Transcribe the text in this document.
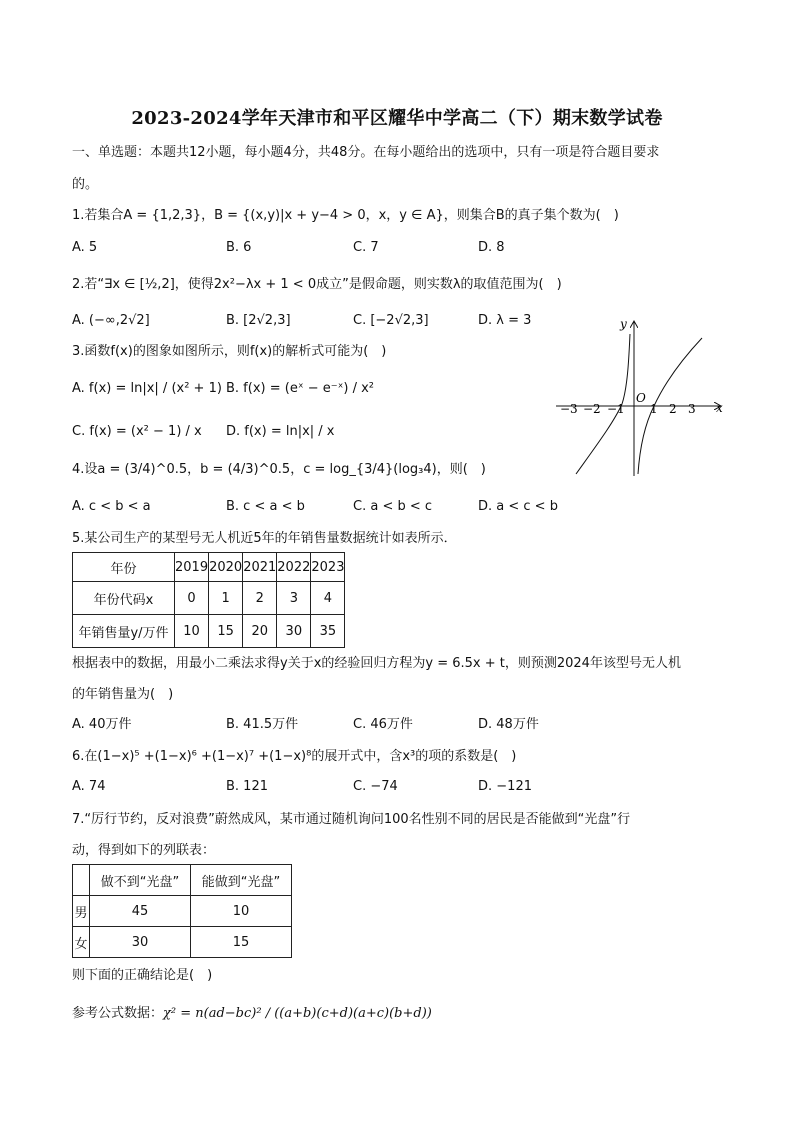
2023-2024学年天津市和平区耀华中学高二（下）期末数学试卷
一、单选题：本题共12小题，每小题4分，共48分。在每小题给出的选项中，只有一项是符合题目要求
的。
1.若集合A = {1,2,3}，B = {(x,y)|x + y−4 > 0，x，y ∈ A}，则集合B的真子集个数为(　)
A. 5	B. 6	C. 7	D. 8
2.若“∃x ∈ [½,2]，使得2x²−λx + 1 < 0成立”是假命题，则实数λ的取值范围为(　)
A. (−∞,2√2]	B. [2√2,3]	C. [−2√2,3]	D. λ = 3
3.函数f(x)的图象如图所示，则f(x)的解析式可能为(　)
A. f(x) = ln|x| / (x² + 1) B. f(x) = (eˣ − e⁻ˣ) / x²
C. f(x) = (x² − 1) / x D. f(x) = ln|x| / x
y
x
O
−3 −2 −1 1 2 3
4.设a = (3/4)^0.5，b = (4/3)^0.5，c = log_{3/4}(log₃4)，则(　)
A. c < b < a	B. c < a < b	C. a < b < c	D. a < c < b
5.某公司生产的某型号无人机近5年的年销售量数据统计如表所示．
年份	2019	2020	2021	2022	2023
年份代码x	0	1	2	3	4
年销售量y/万件	10	15	20	30	35
根据表中的数据，用最小二乘法求得y关于x的经验回归方程为y = 6.5x + t，则预测2024年该型号无人机
的年销售量为(　)
A. 40万件	B. 41.5万件	C. 46万件	D. 48万件
6.在(1−x)⁵ +(1−x)⁶ +(1−x)⁷ +(1−x)⁸的展开式中，含x³的项的系数是(　)
A. 74	B. 121	C. −74	D. −121
7.“厉行节约，反对浪费”蔚然成风，某市通过随机询问100名性别不同的居民是否能做到“光盘”行
动，得到如下的列联表：
	做不到“光盘”	能做到“光盘”
男	45	10
女	30	15
则下面的正确结论是(　)
参考公式数据：χ² = n(ad−bc)² / ((a+b)(c+d)(a+c)(b+d))
